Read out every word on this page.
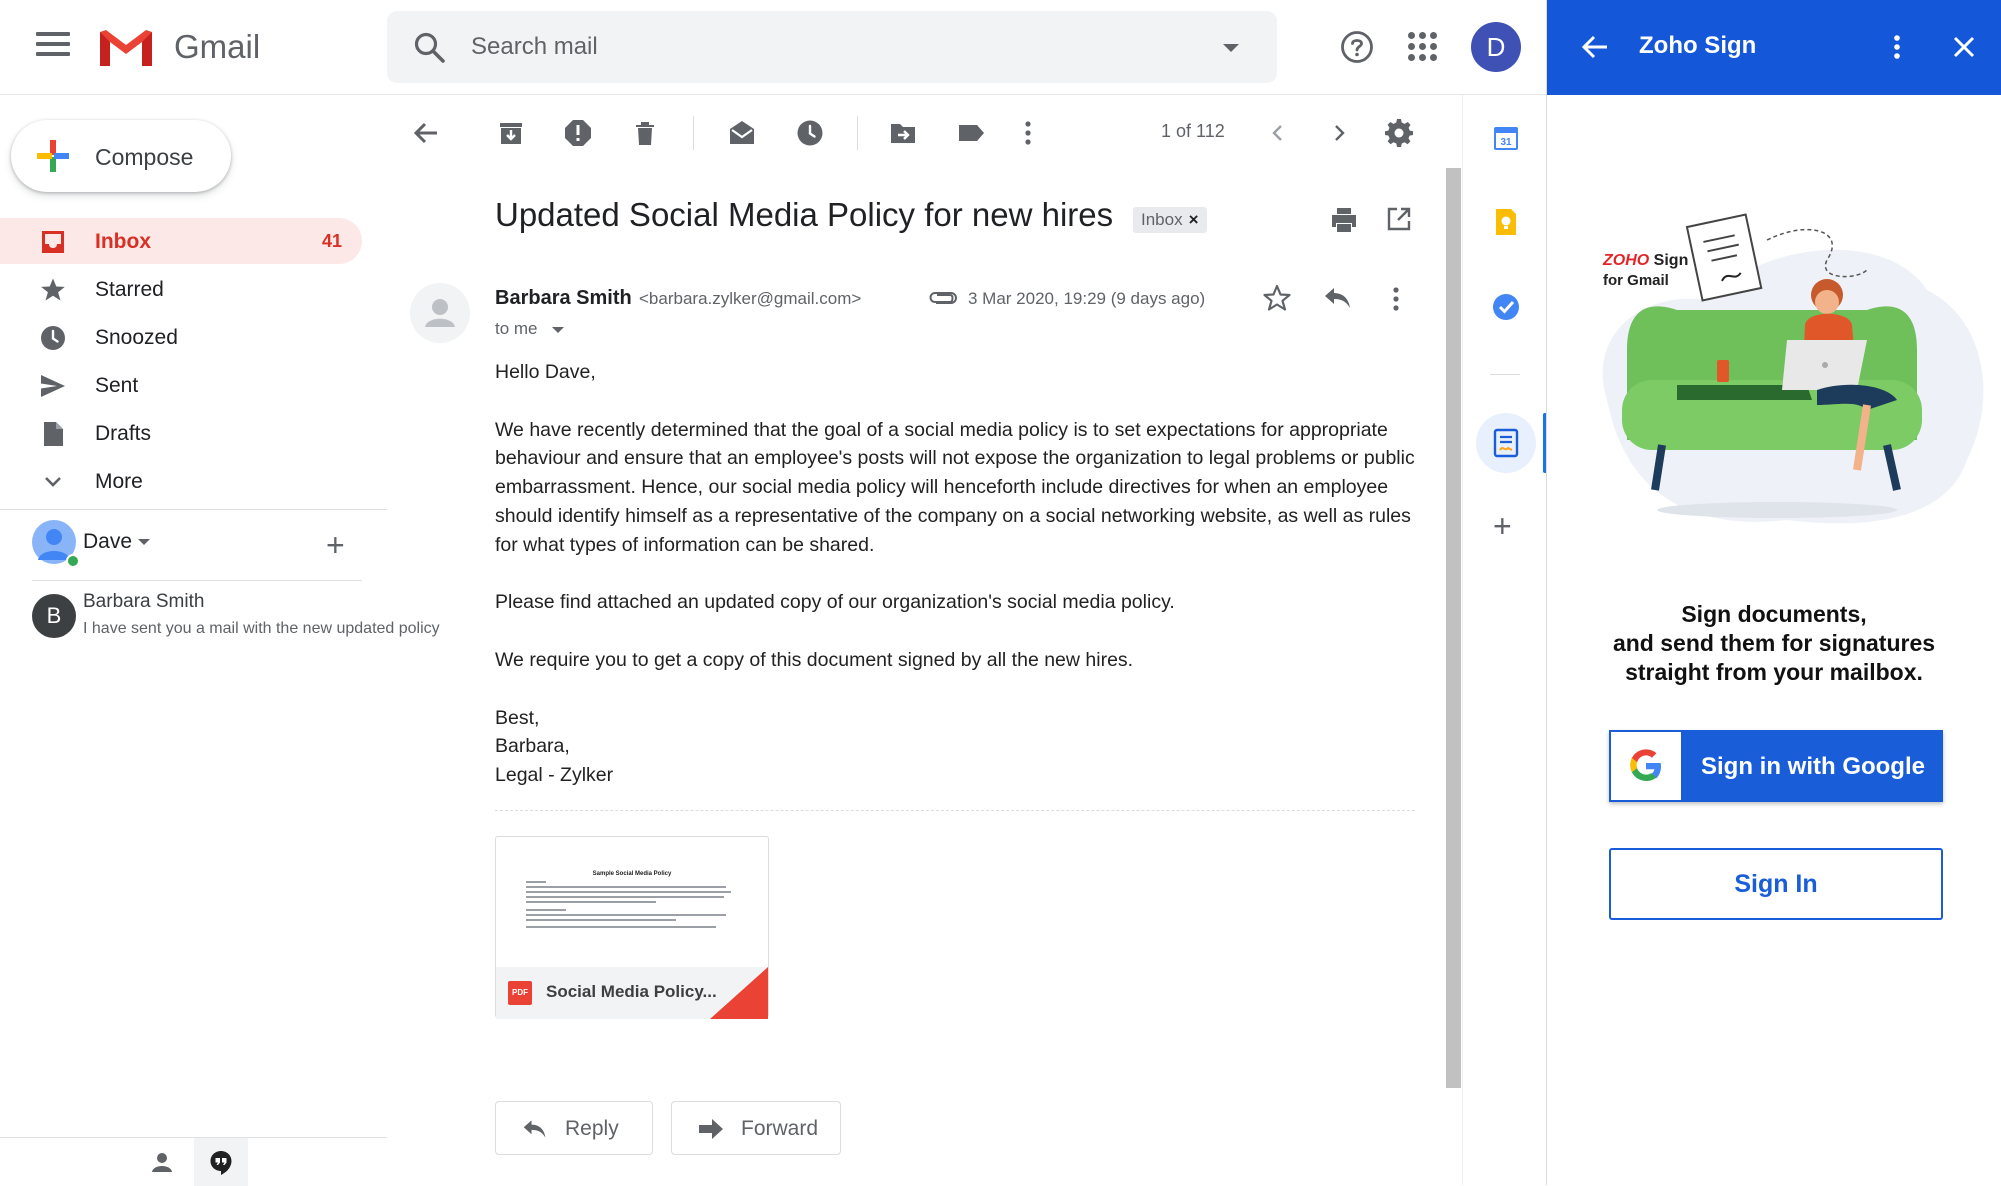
Gmail
Search mail	D
Compose
Inbox	41
Starred
Snoozed
Sent
Drafts
More
Dave	+
B
Barbara Smith
I have sent you a mail with the new updated policy
1 of 112
Updated Social Media Policy for new hires	Inbox ×
Barbara Smith <barbara.zylker@gmail.com>	3 Mar 2020, 19:29 (9 days ago)
to me

Hello Dave,

We have recently determined that the goal of a social media policy is to set expectations for appropriate behaviour and ensure that an employee's posts will not expose the organization to legal problems or public embarrassment. Hence, our social media policy will henceforth include directives for when an employee should identify himself as a representative of the company on a social networking website, as well as rules for what types of information can be shared.

Please find attached an updated copy of our organization's social media policy.

We require you to get a copy of this document signed by all the new hires.

Best,

Barbara,

Legal - Zylker

Sample Social Media Policy
PDF Social Media Policy...
Reply	Forward
31
+
Zoho Sign
ZOHO Sign
for Gmail
Sign documents,
and send them for signatures
straight from your mailbox.
Sign in with Google
Sign In
